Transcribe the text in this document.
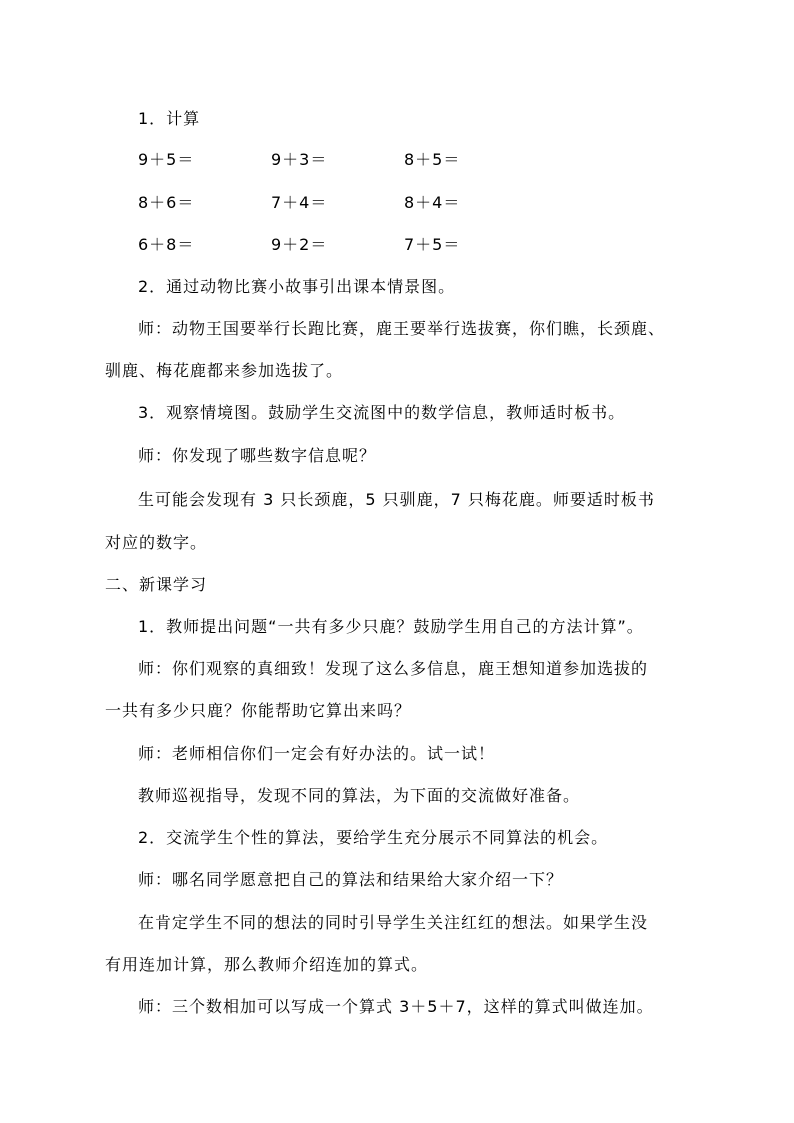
1．计算
9＋5＝	9＋3＝	8＋5＝
8＋6＝	7＋4＝	8＋4＝
6＋8＝	9＋2＝	7＋5＝
2．通过动物比赛小故事引出课本情景图。
师：动物王国要举行长跑比赛，鹿王要举行选拔赛，你们瞧，长颈鹿、
驯鹿、梅花鹿都来参加选拔了。
3．观察情境图。鼓励学生交流图中的数学信息，教师适时板书。
师：你发现了哪些数字信息呢？
生可能会发现有 3 只长颈鹿，5 只驯鹿，7 只梅花鹿。师要适时板书
对应的数字。
二、新课学习
1．教师提出问题“一共有多少只鹿？鼓励学生用自己的方法计算”。
师：你们观察的真细致！发现了这么多信息，鹿王想知道参加选拔的
一共有多少只鹿？你能帮助它算出来吗？
师：老师相信你们一定会有好办法的。试一试！
教师巡视指导，发现不同的算法，为下面的交流做好准备。
2．交流学生个性的算法，要给学生充分展示不同算法的机会。
师：哪名同学愿意把自己的算法和结果给大家介绍一下？
在肯定学生不同的想法的同时引导学生关注红红的想法。如果学生没
有用连加计算，那么教师介绍连加的算式。
师：三个数相加可以写成一个算式 3＋5＋7，这样的算式叫做连加。
